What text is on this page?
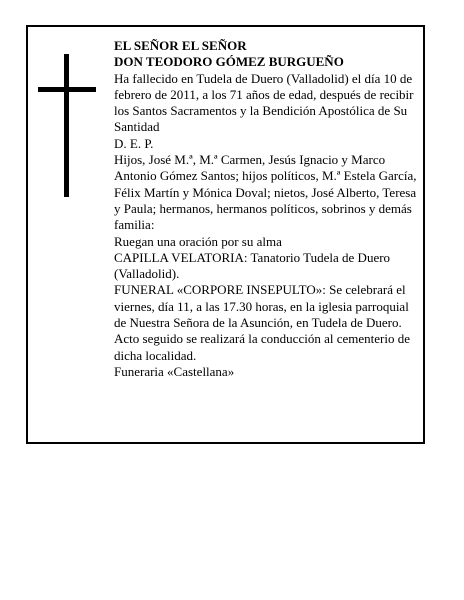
EL SEÑOR EL SEÑOR

DON TEODORO GÓMEZ BURGUEÑO

Ha fallecido en Tudela de Duero (Valladolid) el día 10 de febrero de 2011, a los 71 años de edad, después de recibir los Santos Sacramentos y la Bendición Apostólica de Su Santidad

D. E. P.

Hijos, José M.ª, M.ª Carmen, Jesús Ignacio y Marco Antonio Gómez Santos; hijos políticos, M.ª Estela García, Félix Martín y Mónica Doval; nietos, José Alberto, Teresa y Paula; hermanos, hermanos políticos, sobrinos y demás familia:

Ruegan una oración por su alma

CAPILLA VELATORIA: Tanatorio Tudela de Duero (Valladolid).

FUNERAL «CORPORE INSEPULTO»: Se celebrará el viernes, día 11, a las 17.30 horas, en la iglesia parroquial de Nuestra Señora de la Asunción, en Tudela de Duero. Acto seguido se realizará la conducción al cementerio de dicha localidad.

Funeraria «Castellana»
